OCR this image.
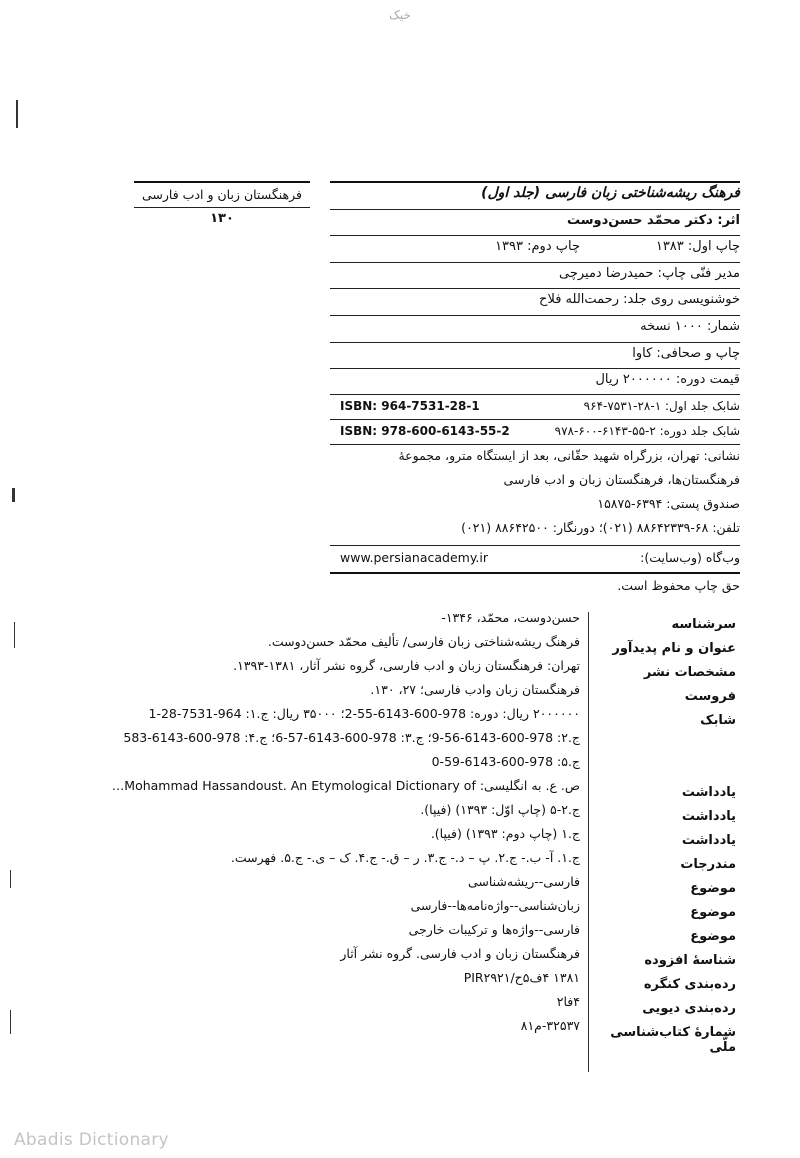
خیک
فرهنگستان زبان و ادب فارسی
۱۳۰
فرهنگ ریشه‌شناختی زبان فارسی (جلد اول)
اثر: دکتر محمّد حسن‌دوست
چاپ اول: ۱۳۸۳
چاپ دوم: ۱۳۹۳
مدیر فنّی چاپ: حمیدرضا دمیرچی
خوشنویسی روی جلد: رحمت‌الله فلاح
شمار: ۱۰۰۰ نسخه
چاپ و صحافی: کاوا
قیمت دوره: ۲۰۰۰۰۰۰ ریال
شابک جلد اول: ۱-۲۸-۷۵۳۱-۹۶۴
ISBN: 964-7531-28-1
شابک جلد دوره: ۲-۵۵-۶۱۴۳-۶۰۰-۹۷۸
ISBN: 978-600-6143-55-2
نشانی: تهران، بزرگراه شهید حقّانی، بعد از ایستگاه مترو، مجموعهٔ
فرهنگستان‌ها، فرهنگستان زبان و ادب فارسی
صندوق پستی: ۶۳۹۴-۱۵۸۷۵
تلفن: ۶۸-۸۸۶۴۲۳۳۹ (۰۲۱)؛ دورنگار: ۸۸۶۴۲۵۰۰ (۰۲۱)
وب‌گاه (وب‌سایت):
www.persianacademy.ir
حق چاپ محفوظ است.
سرشناسه
حسن‌دوست، محمّد، ۱۳۴۶-
عنوان و نام پدیدآور
فرهنگ ریشه‌شناختی زبان فارسی/ تألیف محمّد حسن‌دوست.
مشخصات نشر
تهران: فرهنگستان زبان و ادب فارسی، گروه نشر آثار، ۱۳۸۱-۱۳۹۳.
فروست
فرهنگستان زبان وادب فارسی؛ ۲۷، ۱۳۰.
شابک
۲۰۰۰۰۰۰ ریال: دوره: 978-600-6143-55-2؛ ۳۵۰۰۰ ریال: ج.۱: 964-7531-28-1
ج.۲: 978-600-6143-56-9؛ ج.۳: 978-600-6143-57-6؛ ج.۴: 978-600-6143-583
ج.۵: 978-600-6143-59-0
یادداشت
ص. ع. به انگلیسی: Mohammad Hassandoust. An Etymological Dictionary of…
یادداشت
ج.۲-۵ (چاپ اوّل: ۱۳۹۳) (فیپا).
یادداشت
ج.۱ (چاپ دوم: ۱۳۹۳) (فیپا).
مندرجات
ج.۱. آ- ب.- ج.۲. پ – د.- ج.۳. ر – ق.- ج.۴. ک – ی.- ج.۵. فهرست.
موضوع
فارسی--ریشه‌شناسی
موضوع
زبان‌شناسی--واژه‌نامه‌ها--فارسی
موضوع
فارسی--واژه‌ها و ترکیبات خارجی
شناسهٔ افزوده
فرهنگستان زبان و ادب فارسی. گروه نشر آثار
رده‌بندی کنگره
۱۳۸۱ ۴ف۵ح/PIR۲۹۲۱
رده‌بندی دیویی
۴فا۲
شمارهٔ کتاب‌شناسی ملّی
۳۲۵۳۷-م۸۱
Abadis Dictionary
